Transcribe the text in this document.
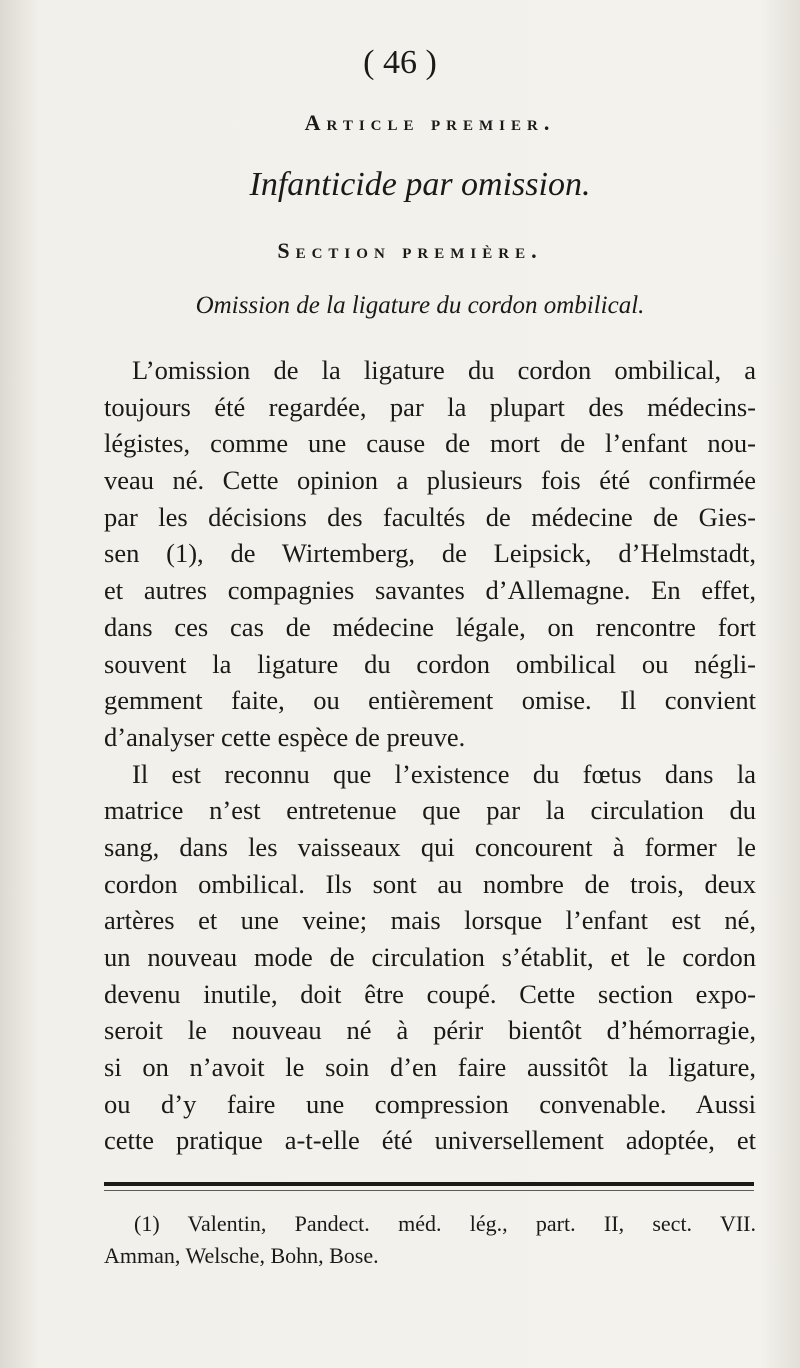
( 46 )
Article premier.
Infanticide par omission.
Section première.
Omission de la ligature du cordon ombilical.
L’omission de la ligature du cordon ombilical, a
toujours été regardée, par la plupart des médecins-
légistes, comme une cause de mort de l’enfant nou-
veau né. Cette opinion a plusieurs fois été confirmée
par les décisions des facultés de médecine de Gies-
sen (1), de Wirtemberg, de Leipsick, d’Helmstadt,
et autres compagnies savantes d’Allemagne. En effet,
dans ces cas de médecine légale, on rencontre fort
souvent la ligature du cordon ombilical ou négli-
gemment faite, ou entièrement omise. Il convient
d’analyser cette espèce de preuve.
Il est reconnu que l’existence du fœtus dans la
matrice n’est entretenue que par la circulation du
sang, dans les vaisseaux qui concourent à former le
cordon ombilical. Ils sont au nombre de trois, deux
artères et une veine; mais lorsque l’enfant est né,
un nouveau mode de circulation s’établit, et le cordon
devenu inutile, doit être coupé. Cette section expo-
seroit le nouveau né à périr bientôt d’hémorragie,
si on n’avoit le soin d’en faire aussitôt la ligature,
ou d’y faire une compression convenable. Aussi
cette pratique a-t-elle été universellement adoptée, et
(1) Valentin, Pandect. méd. lég., part. II, sect. VII.
Amman, Welsche, Bohn, Bose.
